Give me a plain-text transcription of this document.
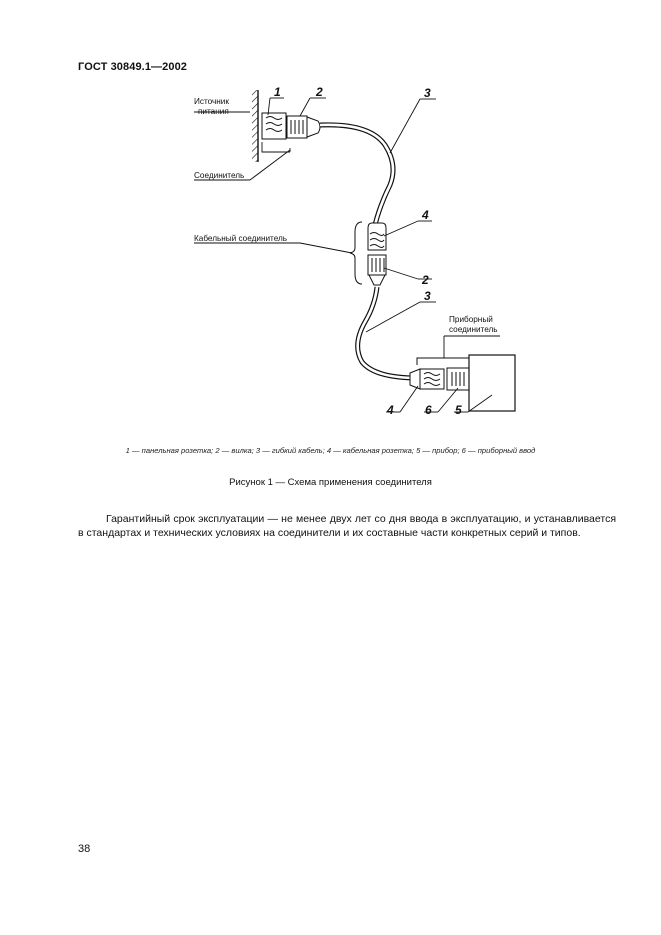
ГОСТ 30849.1—2002
Источник
питания
Соединитель
Кабельный соединитель
Приборный
соединитель
1	2	3
4
2
3
4	6 5
1 — панельная розетка; 2 — вилка; 3 — гибкий кабель; 4 — кабельная розетка; 5 — прибор; 6 — приборный ввод
Рисунок 1 — Схема применения соединителя
Гарантийный срок эксплуатации — не менее двух лет со дня ввода в эксплуатацию, и устанавливается в стандартах и технических условиях на соединители и их составные части конкретных серий и типов.
38
